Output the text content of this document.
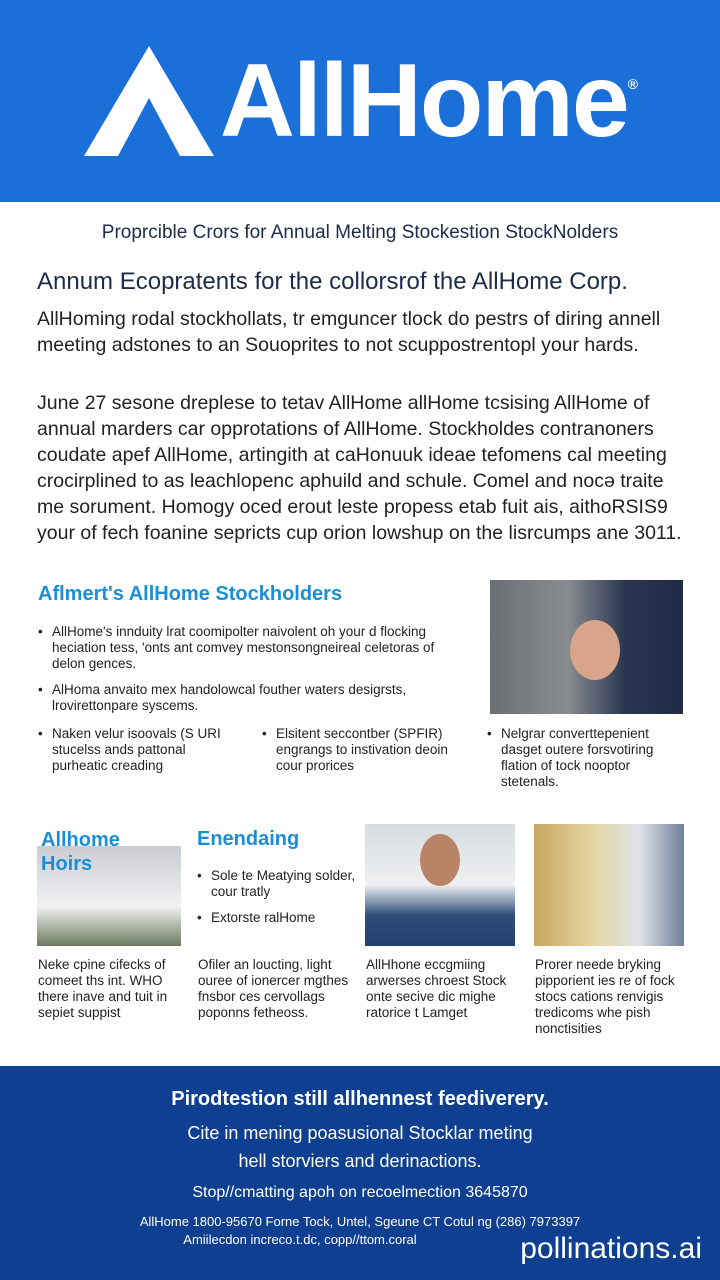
AllHome ®
Proprcible Crors for Annual Melting Stockestion StockNolders
Annum Ecopratents for the collorsrof the AllHome Corp.
AllHoming rodal stockhollats, tr emguncer tlock do pestrs of diring annell meeting adstones to an Souoprites to not scuppostrentopl your hards.
June 27 sesone dreplese to tetav AllHome allHome tcsising AllHome of annual marders car opprotations of AllHome. Stockholdes contranoners coudate apef AllHome, artingith at caHonuuk ideae tefomens cal meeting crocirplined to as leachlopenc aphuild and schule. Comel and nocə traite me sorument. Homogy oced erout leste propess etab fuit ais, aithoRSIS9 your of fech foanine sepricts cup orion lowshup on the lisrcumps ane 3011.
Aflmert's AllHome Stockholders
• AllHome's innduity lrat coomipolter naivolent oh your d flocking heciation tess, 'onts ant comvey mestonsongneireal celetoras of delon gences.
• AlHoma anvaito mex handolowcal fouther waters desigrsts, lrovirettonpare syscems.
• Naken velur isoovals (S URI stucelss ands pattonal purheatic creading
• Elsitent seccontber (SPFIR) engrangs to instivation deoin cour prorices
• Nelgrar converttepenient dasget outere forsvotiring flation of tock nooptor stetenals.
Allhome Hoirs
Enendaing
• Sole te Meatying solder, cour tratly
• Extorste ralHome
Neke cpine cifecks of comeet ths int. WHO there inave and tuit in sepiet suppist
Ofiler an loucting, light ouree of ionercer mgthes fnsbor ces cervollags poponns fetheoss.
AllHhone eccgmiing arwerses chroest Stock onte secive dic mighe ratorice t Lamget
Prorer neede bryking pipporient ies re of fock stocs cations renvigis tredicoms whe pish nonctisities
Pirodtestion still allhennest feediverery.
Cite in mening poasusional Stocklar meting
hell storviers and derinactions.
Stop//cmatting apoh on recoelmection 3645870
AllHome 1800-95670 Forne Tock, Untel, Sgeune CT Cotul ng (286) 7973397
Amiilecdon increco.t.dc, copp//ttom.coral	pollinations.ai
